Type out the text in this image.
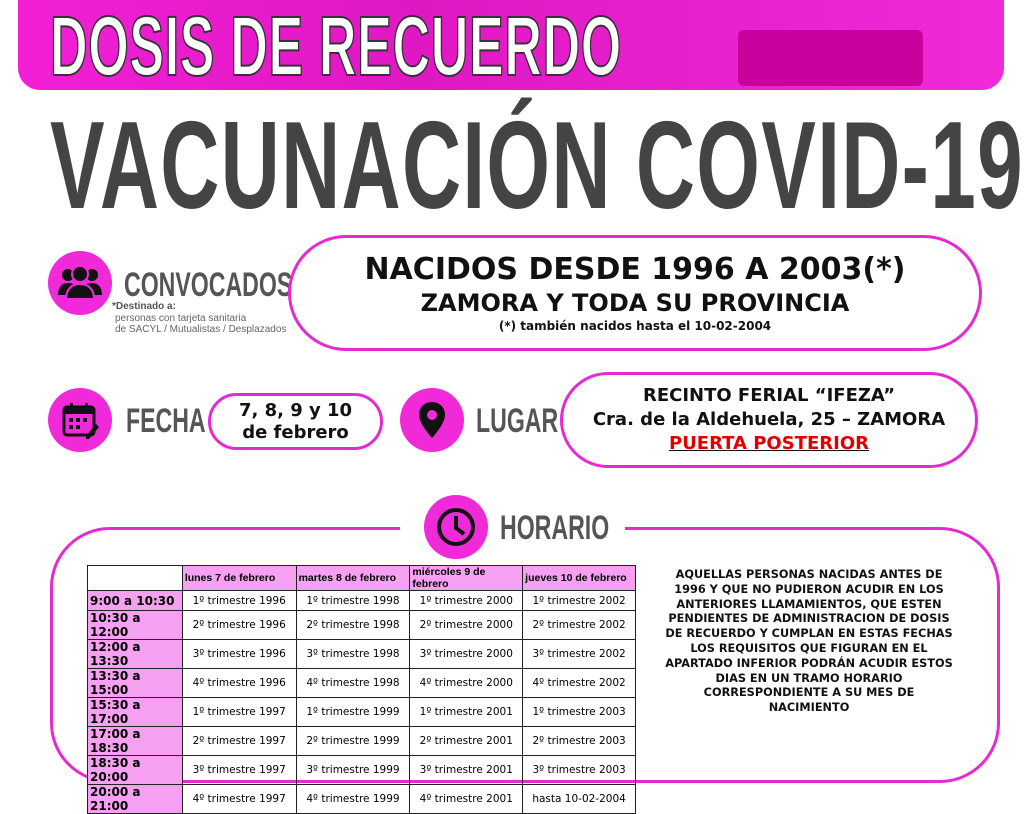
DOSIS DE RECUERDO
VACUNACIÓN COVID-19
CONVOCADOS
*Destinado a:
personas con tarjeta sanitaria
de SACYL / Mutualistas / Desplazados
NACIDOS DESDE 1996 A 2003(*)
ZAMORA Y TODA SU PROVINCIA
(*) también nacidos hasta el 10-02-2004
FECHA	7, 8, 9 y 10
de febrero	LUGAR
RECINTO FERIAL “IFEZA”
Cra. de la Aldehuela, 25 – ZAMORA
PUERTA POSTERIOR
HORARIO
	lunes 7 de febrero	martes 8 de febrero	miércoles 9 de febrero	jueves 10 de febrero
9:00 a 10:30	1º trimestre 1996	1º trimestre 1998	1º trimestre 2000	1º trimestre 2002
10:30 a 12:00	2º trimestre 1996	2º trimestre 1998	2º trimestre 2000	2º trimestre 2002
12:00 a 13:30	3º trimestre 1996	3º trimestre 1998	3º trimestre 2000	3º trimestre 2002
13:30 a 15:00	4º trimestre 1996	4º trimestre 1998	4º trimestre 2000	4º trimestre 2002
15:30 a 17:00	1º trimestre 1997	1º trimestre 1999	1º trimestre 2001	1º trimestre 2003
17:00 a 18:30	2º trimestre 1997	2º trimestre 1999	2º trimestre 2001	2º trimestre 2003
18:30 a 20:00	3º trimestre 1997	3º trimestre 1999	3º trimestre 2001	3º trimestre 2003
20:00 a 21:00	4º trimestre 1997	4º trimestre 1999	4º trimestre 2001	hasta 10-02-2004
AQUELLAS PERSONAS NACIDAS ANTES DE 1996 Y QUE NO PUDIERON ACUDIR EN LOS ANTERIORES LLAMAMIENTOS, QUE ESTEN PENDIENTES DE ADMINISTRACION DE DOSIS DE RECUERDO Y CUMPLAN EN ESTAS FECHAS LOS REQUISITOS QUE FIGURAN EN EL APARTADO INFERIOR PODRÁN ACUDIR ESTOS DIAS EN UN TRAMO HORARIO CORRESPONDIENTE A SU MES DE NACIMIENTO
